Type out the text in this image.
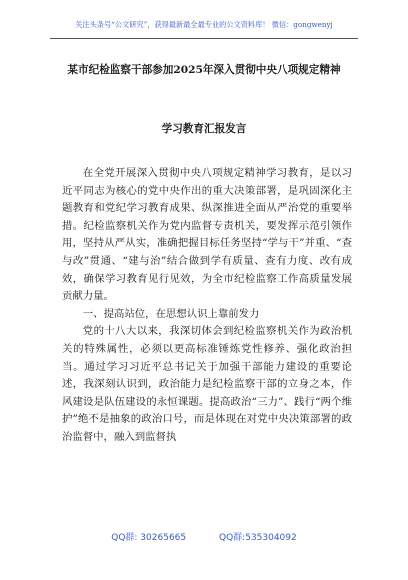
关注头条号“公文研究”，获得最新最全最专业的公文资料库！ 微信：gongwenyj
某市纪检监察干部参加2025年深入贯彻中央八项规定精神
学习教育汇报发言

在全党开展深入贯彻中央八项规定精神学习教育，是以习近平同志为核心的党中央作出的重大决策部署，是巩固深化主题教育和党纪学习教育成果、纵深推进全面从严治党的重要举措。纪检监察机关作为党内监督专责机关，要发挥示范引领作用，坚持从严从实，准确把握目标任务坚持“学与干”并重、“查与改”贯通、“建与治”结合做到学有质量、查有力度、改有成效，确保学习教育见行见效，为全市纪检监察工作高质量发展贡献力量。

一、提高站位，在思想认识上靠前发力

党的十八大以来，我深切体会到纪检监察机关作为政治机关的特殊属性，必须以更高标准锤炼党性修养、强化政治担当。通过学习习近平总书记关于加强干部能力建设的重要论述，我深刻认识到，政治能力是纪检监察干部的立身之本，作风建设是队伍建设的永恒课题。提高政治“三力”、践行“两个维护”绝不是抽象的政治口号，而是体现在对党中央决策部署的政治监督中，融入到监督执

QQ群: 30265665	QQ群:535304092
